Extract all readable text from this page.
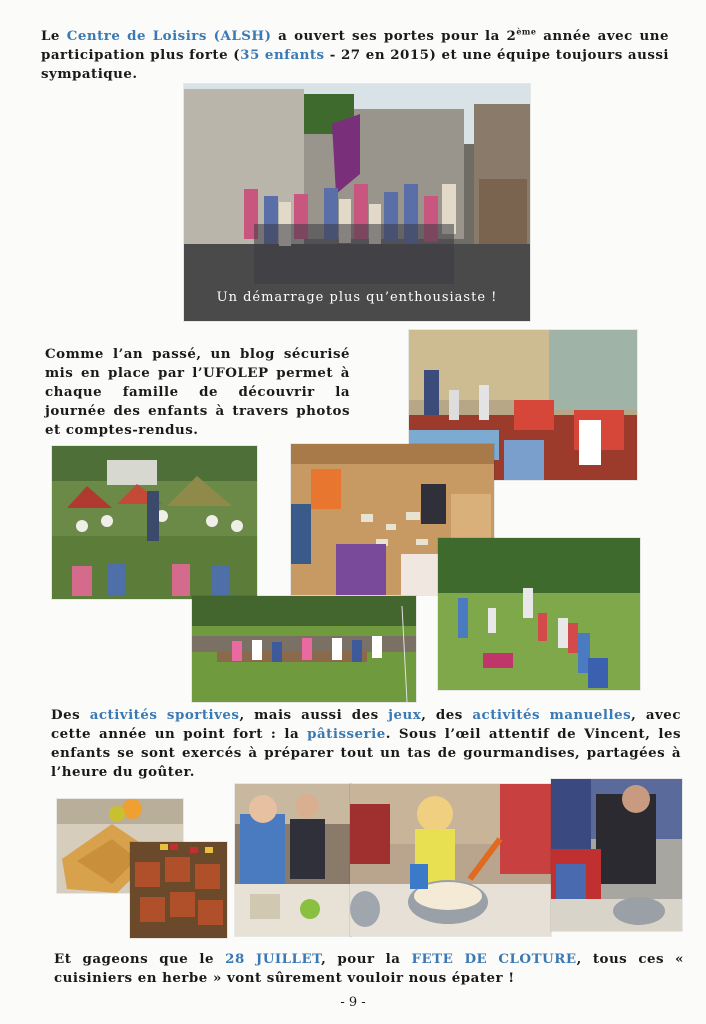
Le Centre de Loisirs (ALSH) a ouvert ses portes pour la 2ème année avec une participation plus forte (35 enfants - 27 en 2015) et une équipe toujours aussi sympatique.

Un démarrage plus qu’enthousiaste !

Comme l’an passé, un blog sécurisé mis en place par l’UFOLEP permet à chaque famille de découvrir la journée des enfants à travers photos et comptes-rendus.

Des activités sportives, mais aussi des jeux, des activités manuelles, avec cette année un point fort : la pâtisserie. Sous l’œil attentif de Vincent, les enfants se sont exercés à préparer tout un tas de gourmandises, partagées à l’heure du goûter.

Et gageons que le 28 JUILLET, pour la FETE DE CLOTURE, tous ces « cuisiniers en herbe » vont sûrement vouloir nous épater !

- 9 -
